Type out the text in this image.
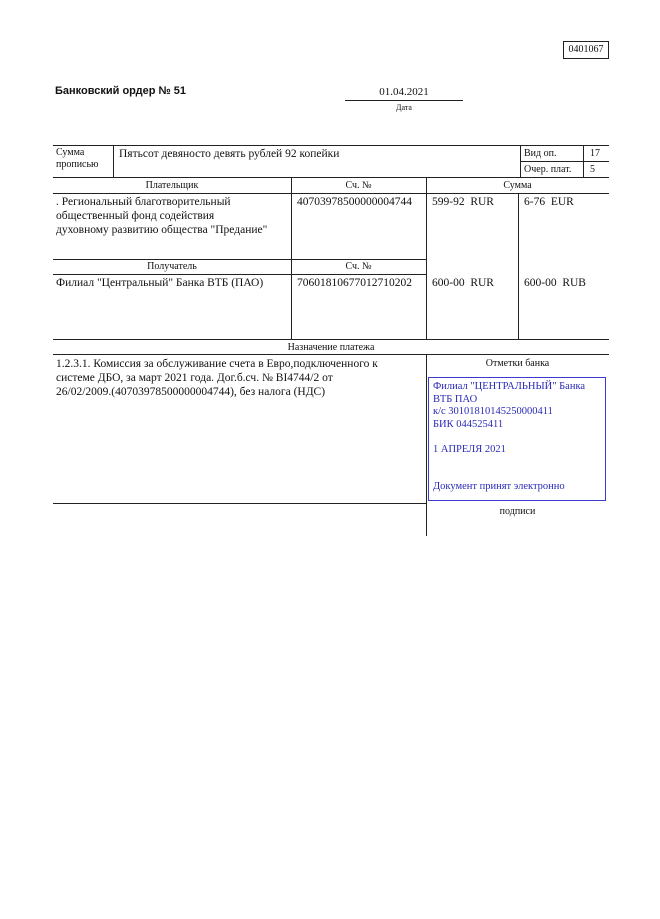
0401067
Банковский ордер № 51	01.04.2021
Дата
Сумма
прописью
Пятьсот девяносто девять рублей 92 копейки	Вид оп.	17
Очер. плат. 5
Плательщик	Сч. №	Сумма
. Региональный благотворительный
общественный фонд содействия
духовному развитию общества "Предание"
40703978500000004744 599-92  RUR	6-76  EUR
Получатель	Сч. №
Филиал "Центральный" Банка ВТБ (ПАО)	70601810677012710202 600-00  RUR	600-00  RUB
Назначение платежа
1.2.3.1. Комиссия за обслуживание счета в Евро,подключенного к
системе ДБО, за март 2021 года. Дог.б.сч. № BI4744/2 от
26/02/2009.(40703978500000004744), без налога (НДС)
Отметки банка
Филиал "ЦЕНТРАЛЬНЫЙ" Банка
ВТБ ПАО
к/с 30101810145250000411
БИК 044525411
1 АПРЕЛЯ 2021
Документ принят электронно
подписи
